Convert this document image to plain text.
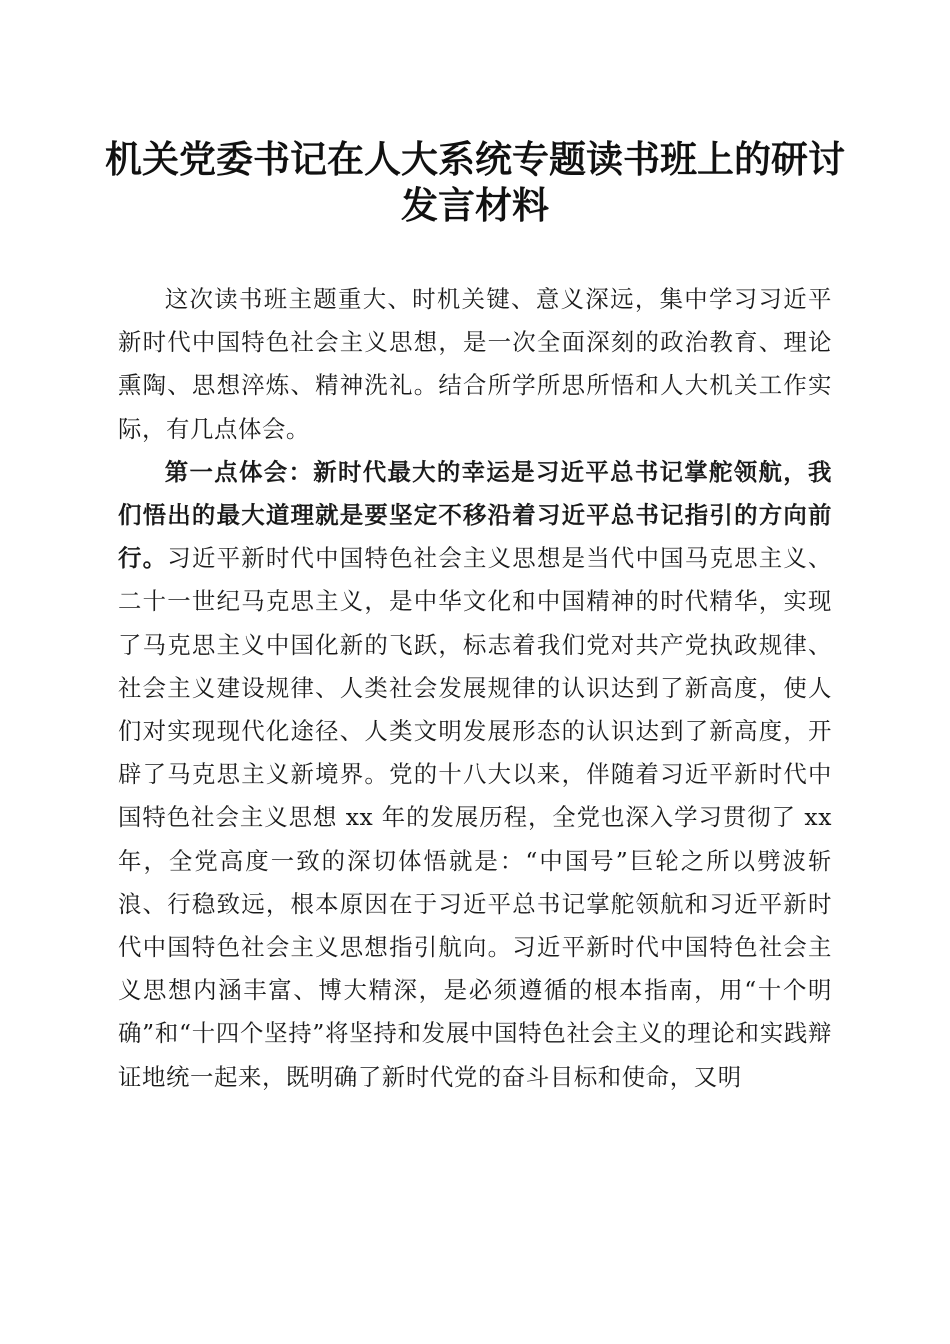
机关党委书记在人大系统专题读书班上的研讨发言材料

这次读书班主题重大、时机关键、意义深远，集中学习习近平新时代中国特色社会主义思想，是一次全面深刻的政治教育、理论熏陶、思想淬炼、精神洗礼。结合所学所思所悟和人大机关工作实际，有几点体会。

第一点体会：新时代最大的幸运是习近平总书记掌舵领航，我们悟出的最大道理就是要坚定不移沿着习近平总书记指引的方向前行。习近平新时代中国特色社会主义思想是当代中国马克思主义、二十一世纪马克思主义，是中华文化和中国精神的时代精华，实现了马克思主义中国化新的飞跃，标志着我们党对共产党执政规律、社会主义建设规律、人类社会发展规律的认识达到了新高度，使人们对实现现代化途径、人类文明发展形态的认识达到了新高度，开辟了马克思主义新境界。党的十八大以来，伴随着习近平新时代中国特色社会主义思想 xx 年的发展历程，全党也深入学习贯彻了 xx 年，全党高度一致的深切体悟就是：“中国号”巨轮之所以劈波斩浪、行稳致远，根本原因在于习近平总书记掌舵领航和习近平新时代中国特色社会主义思想指引航向。习近平新时代中国特色社会主义思想内涵丰富、博大精深，是必须遵循的根本指南，用“十个明确”和“十四个坚持”将坚持和发展中国特色社会主义的理论和实践辩证地统一起来，既明确了新时代党的奋斗目标和使命，又明
